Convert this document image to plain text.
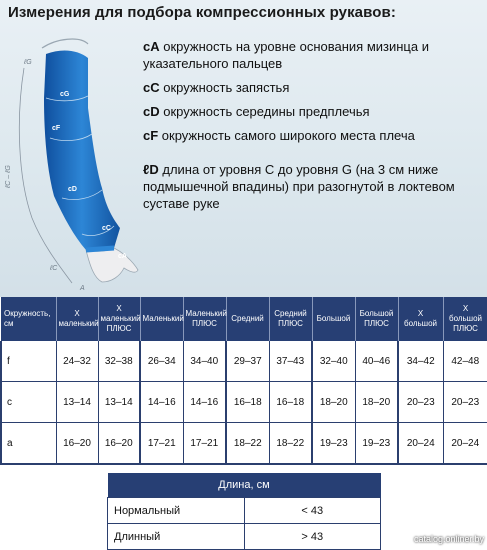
Измерения для подбора компрессионных рукавов:
cG
cF
cD
cC
cA
ℓG
ℓC – ℓG
ℓC
A
cA окружность на уровне основания мизинца и указательного пальцев
cC окружность запястья
cD окружность середины предплечья
cF окружность самого широкого места плеча
ℓD длина от уровня С до уровня G (на 3 см ниже подмышечной впадины) при разогнутой в локтевом суставе руке
Окружность, см	X маленький	X маленький ПЛЮС	Маленький	Маленький ПЛЮС	Средний	Средний ПЛЮС	Большой	Большой ПЛЮС	X большой	X большой ПЛЮС
f	24–32	32–38	26–34	34–40	29–37	37–43	32–40	40–46	34–42	42–48
c	13–14	13–14	14–16	14–16	16–18	16–18	18–20	18–20	20–23	20–23
a	16–20	16–20	17–21	17–21	18–22	18–22	19–23	19–23	20–24	20–24
Длина, см	
Нормальный	< 43
Длинный	> 43	catalog.onliner.by
